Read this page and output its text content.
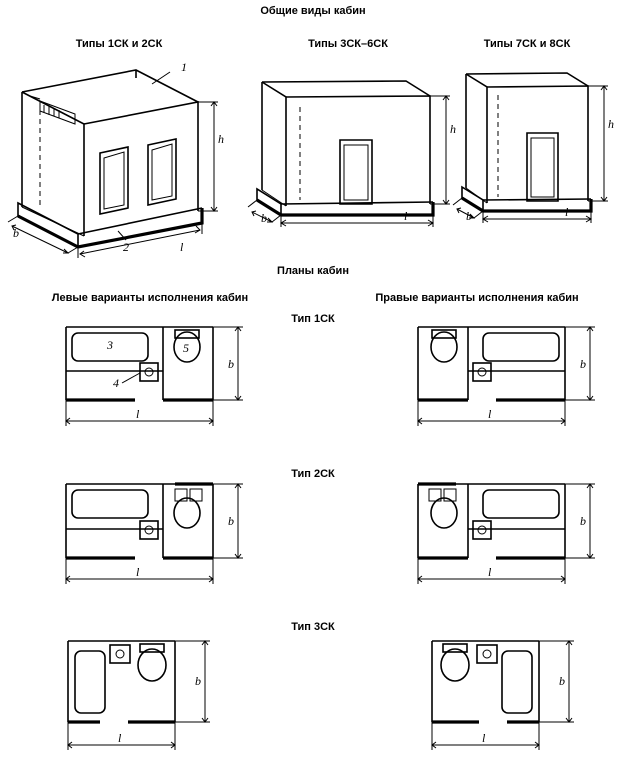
Общие виды кабин
Планы кабин
Типы 1СК и 2СК	Типы 3СК–6СК	Типы 7СК и 8СК
Левые варианты исполнения кабин	Правые варианты исполнения кабин
Тип 1СК
Тип 2СК
Тип 3СК
1
2
h
l
b
h
l
b
h
l
b
3
4
5
b
l
b
l
b
l
b
l
b
l
b
l
